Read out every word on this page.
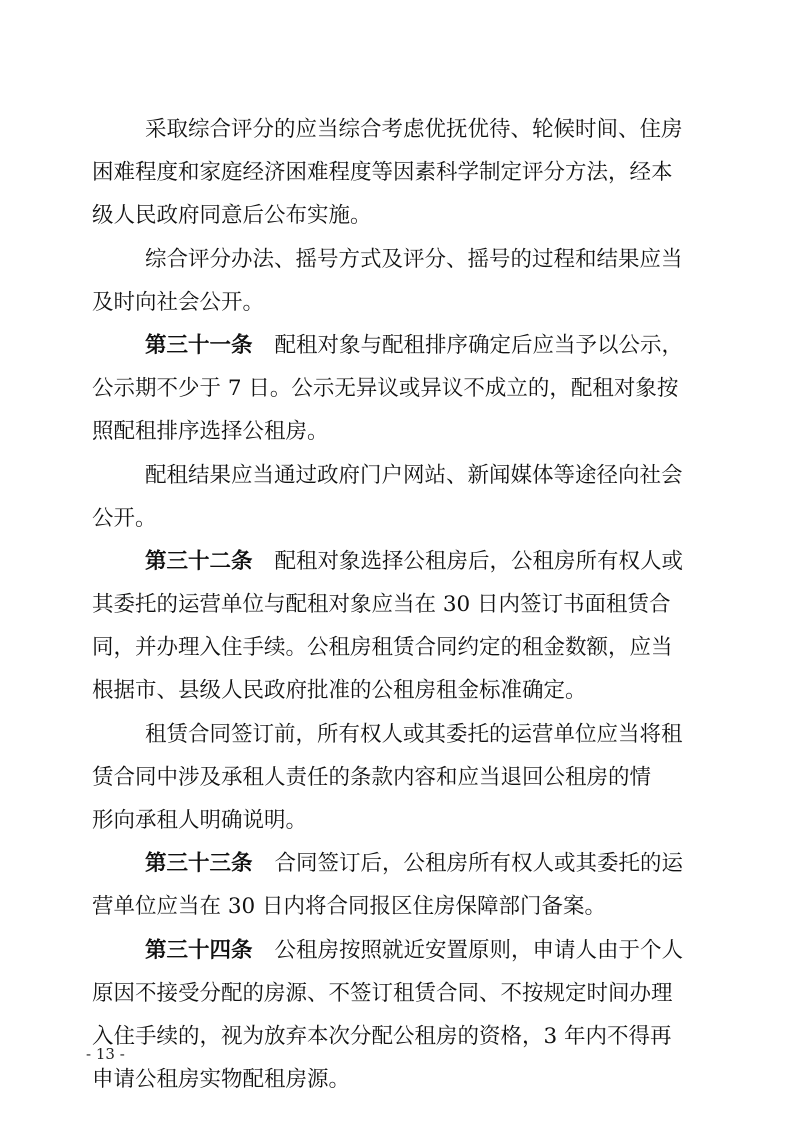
采取综合评分的应当综合考虑优抚优待、轮候时间、住房
困难程度和家庭经济困难程度等因素科学制定评分方法，经本
级人民政府同意后公布实施。
综合评分办法、摇号方式及评分、摇号的过程和结果应当
及时向社会公开。
第三十一条 配租对象与配租排序确定后应当予以公示，
公示期不少于 7 日。公示无异议或异议不成立的，配租对象按
照配租排序选择公租房。
配租结果应当通过政府门户网站、新闻媒体等途径向社会
公开。
第三十二条 配租对象选择公租房后，公租房所有权人或
其委托的运营单位与配租对象应当在 30 日内签订书面租赁合
同，并办理入住手续。公租房租赁合同约定的租金数额，应当
根据市、县级人民政府批准的公租房租金标准确定。
租赁合同签订前，所有权人或其委托的运营单位应当将租
赁合同中涉及承租人责任的条款内容和应当退回公租房的情
形向承租人明确说明。
第三十三条 合同签订后，公租房所有权人或其委托的运
营单位应当在 30 日内将合同报区住房保障部门备案。
第三十四条 公租房按照就近安置原则，申请人由于个人
原因不接受分配的房源、不签订租赁合同、不按规定时间办理
入住手续的，视为放弃本次分配公租房的资格，3 年内不得再
申请公租房实物配租房源。
- 13 -
